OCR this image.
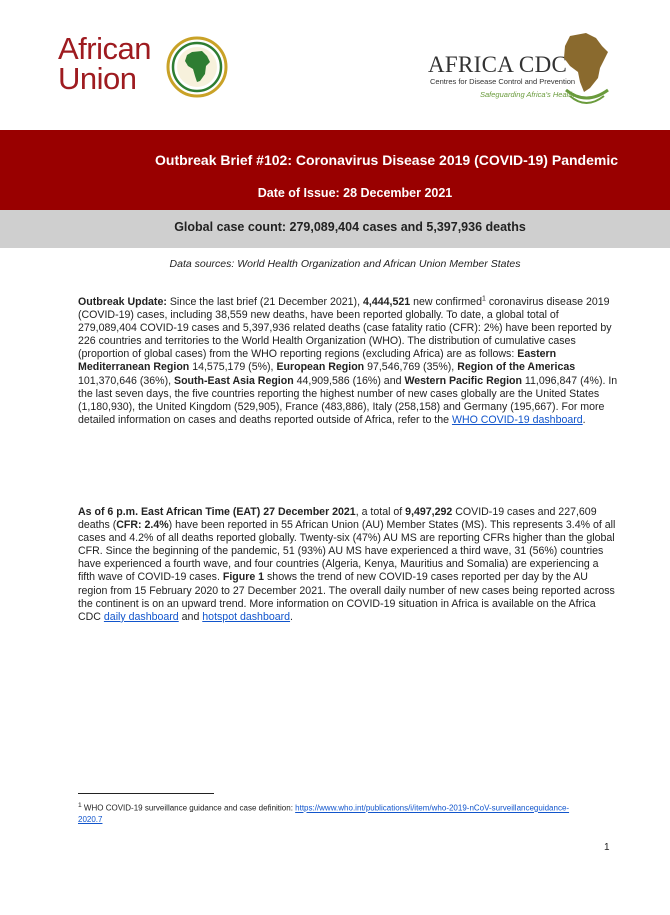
African
Union	AFRICA CDC
Centres for Disease Control and Prevention
Safeguarding Africa's Health
Outbreak Brief #102: Coronavirus Disease 2019 (COVID-19) Pandemic
Date of Issue: 28 December 2021
Global case count: 279,089,404 cases and 5,397,936 deaths
Data sources: World Health Organization and African Union Member States
Outbreak Update: Since the last brief (21 December 2021), 4,444,521 new confirmed$^1$ coronavirus disease 2019 (COVID-19) cases, including 38,559 new deaths, have been reported globally. To date, a global total of 279,089,404 COVID-19 cases and 5,397,936 related deaths (case fatality ratio (CFR): 2%) have been reported by 226 countries and territories to the World Health Organization (WHO). The distribution of cumulative cases (proportion of global cases) from the WHO reporting regions (excluding Africa) are as follows: Eastern Mediterranean Region 14,575,179 (5%), European Region 97,546,769 (35%), Region of the Americas 101,370,646 (36%), South-East Asia Region 44,909,586 (16%) and Western Pacific Region 11,096,847 (4%). In the last seven days, the five countries reporting the highest number of new cases globally are the United States (1,180,930), the United Kingdom (529,905), France (483,886), Italy (258,158) and Germany (195,667). For more detailed information on cases and deaths reported outside of Africa, refer to the WHO COVID-19 dashboard.
As of 6 p.m. East African Time (EAT) 27 December 2021, a total of 9,497,292 COVID-19 cases and 227,609 deaths (CFR: 2.4%) have been reported in 55 African Union (AU) Member States (MS). This represents 3.4% of all cases and 4.2% of all deaths reported globally. Twenty-six (47%) AU MS are reporting CFRs higher than the global CFR. Since the beginning of the pandemic, 51 (93%) AU MS have experienced a third wave, 31 (56%) countries have experienced a fourth wave, and four countries (Algeria, Kenya, Mauritius and Somalia) are experiencing a fifth wave of COVID-19 cases. Figure 1 shows the trend of new COVID-19 cases reported per day by the AU region from 15 February 2020 to 27 December 2021. The overall daily number of new cases being reported across the continent is on an upward trend. More information on COVID-19 situation in Africa is available on the Africa CDC daily dashboard and hotspot dashboard.
$^1$ WHO COVID-19 surveillance guidance and case definition: https://www.who.int/publications/i/item/who-2019-nCoV-surveillanceguidance-2020.7
1
